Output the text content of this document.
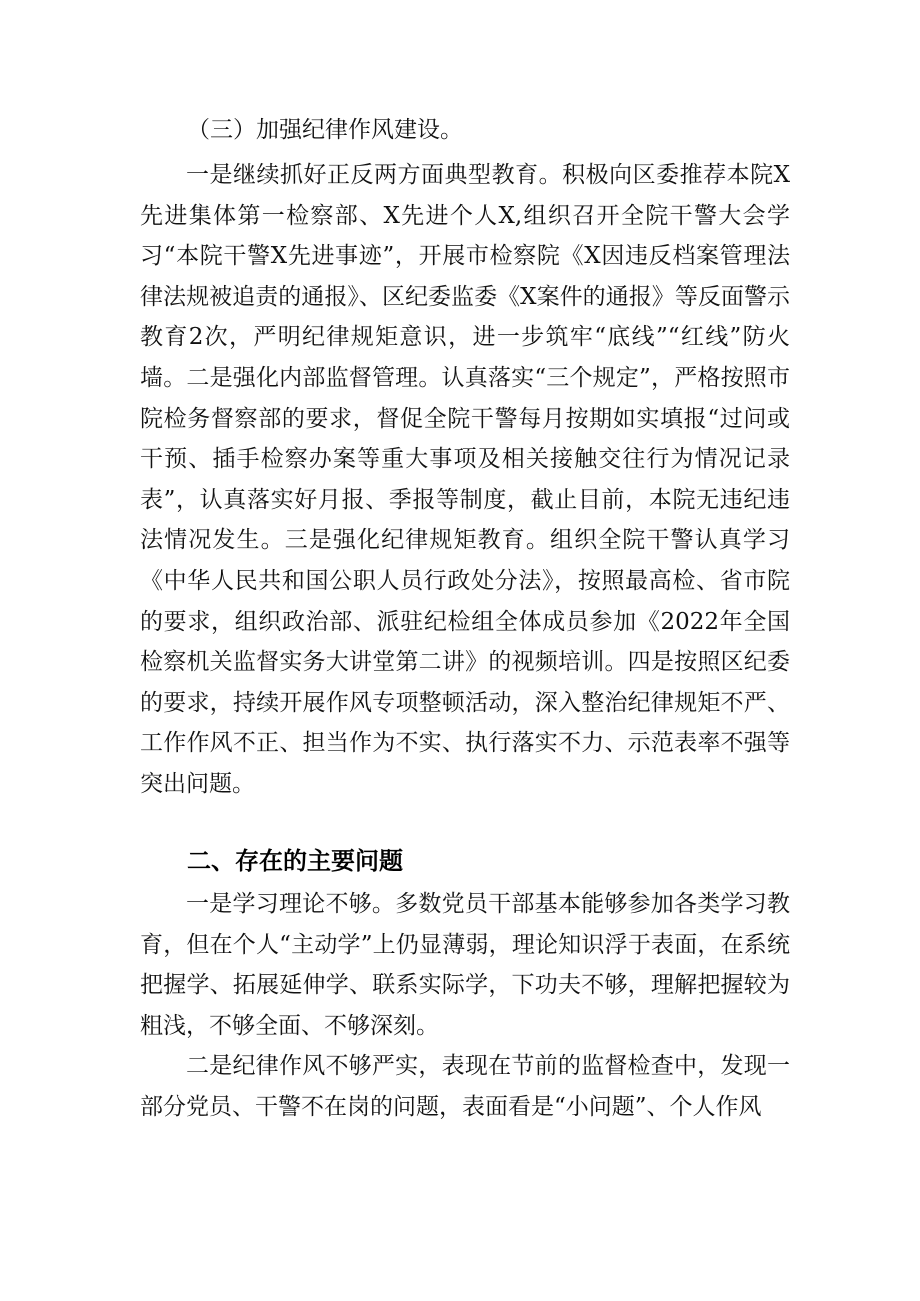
（三）加强纪律作风建设。

一是继续抓好正反两方面典型教育。积极向区委推荐本院X先进集体第一检察部、X先进个人X,组织召开全院干警大会学习“本院干警X先进事迹”，开展市检察院《X因违反档案管理法律法规被追责的通报》、区纪委监委《X案件的通报》等反面警示教育2次，严明纪律规矩意识，进一步筑牢“底线”“红线”防火墙。二是强化内部监督管理。认真落实“三个规定”，严格按照市院检务督察部的要求，督促全院干警每月按期如实填报“过问或干预、插手检察办案等重大事项及相关接触交往行为情况记录表”，认真落实好月报、季报等制度，截止目前，本院无违纪违法情况发生。三是强化纪律规矩教育。组织全院干警认真学习《中华人民共和国公职人员行政处分法》，按照最高检、省市院的要求，组织政治部、派驻纪检组全体成员参加《2022年全国检察机关监督实务大讲堂第二讲》的视频培训。四是按照区纪委的要求，持续开展作风专项整顿活动，深入整治纪律规矩不严、工作作风不正、担当作为不实、执行落实不力、示范表率不强等突出问题。

二、存在的主要问题

一是学习理论不够。多数党员干部基本能够参加各类学习教育，但在个人“主动学”上仍显薄弱，理论知识浮于表面，在系统把握学、拓展延伸学、联系实际学，下功夫不够，理解把握较为粗浅，不够全面、不够深刻。

二是纪律作风不够严实，表现在节前的监督检查中，发现一部分党员、干警不在岗的问题，表面看是“小问题”、个人作风
